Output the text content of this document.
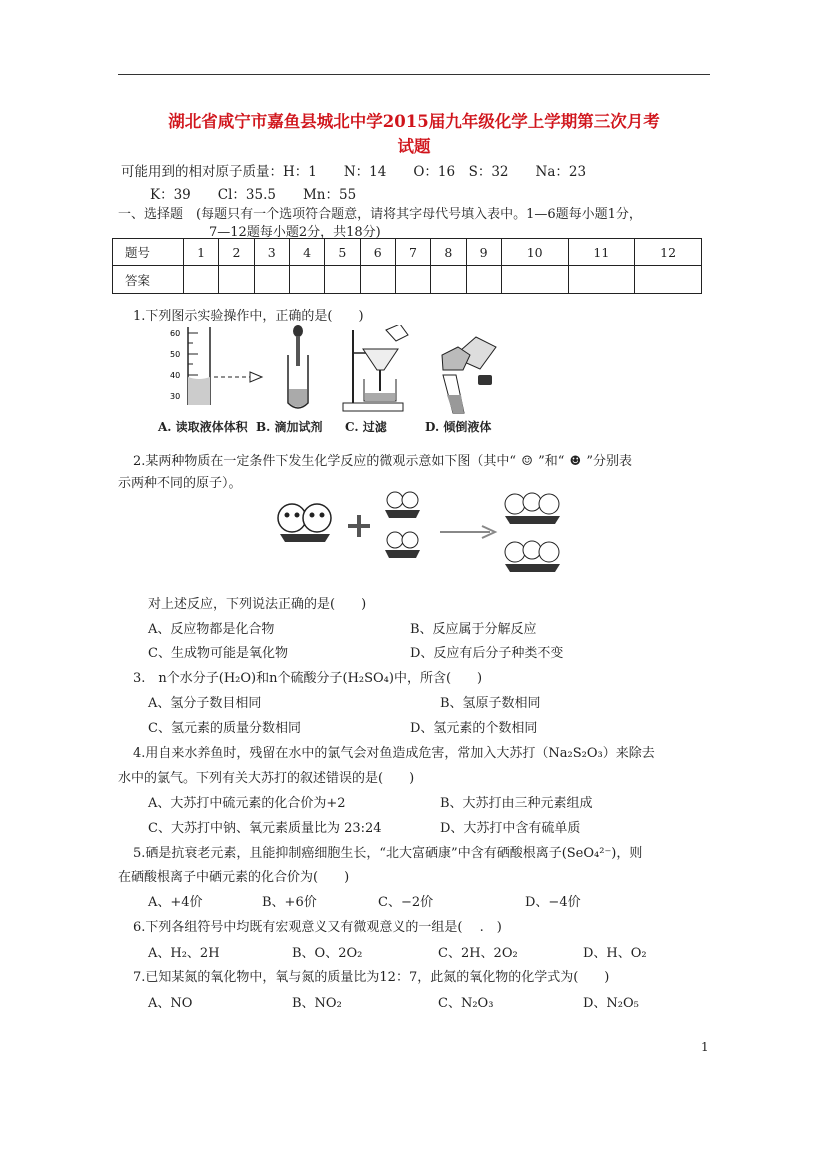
湖北省咸宁市嘉鱼县城北中学2015届九年级化学上学期第三次月考
试题
可能用到的相对原子质量：H：1　　N：14　　O：16　S：32　　Na：23
K：39　　Cl：35.5　　Mn：55
一、选择题　(每题只有一个选项符合题意，请将其字母代号填入表中。1—6题每小题1分，
7—12题每小题2分，共18分)
题号	1	2	3	4	5	6	7	8	9	10	11	12
答案												
1.下列图示实验操作中，正确的是(　　)
60
50
40
30
A. 读取液体体积 B. 滴加试剂 C. 过滤	D. 倾倒液体
2.某两种物质在一定条件下发生化学反应的微观示意如下图（其中“ ☺ ”和“ ☻ ”分别表
示两种不同的原子）。
对上述反应，下列说法正确的是(　　)
A、反应物都是化合物	B、反应属于分解反应
C、生成物可能是氧化物	D、反应有后分子种类不变
3.　n个水分子(H₂O)和n个硫酸分子(H₂SO₄)中，所含(　　)
A、氢分子数目相同	B、氢原子数相同
C、氢元素的质量分数相同	D、氢元素的个数相同
4.用自来水养鱼时，残留在水中的氯气会对鱼造成危害，常加入大苏打（Na₂S₂O₃）来除去
水中的氯气。下列有关大苏打的叙述错误的是(　　)
A、大苏打中硫元素的化合价为+2	B、大苏打由三种元素组成
C、大苏打中钠、氧元素质量比为 23:24	D、大苏打中含有硫单质
5.硒是抗衰老元素，且能抑制癌细胞生长，“北大富硒康”中含有硒酸根离子(SeO₄²⁻)，则
在硒酸根离子中硒元素的化合价为(　　)
A、+4价	B、+6价	C、−2价	D、−4价
6.下列各组符号中均既有宏观意义又有微观意义的一组是(　 .　)
A、H₂、2H	B、O、2O₂	C、2H、2O₂	D、H、O₂
7.已知某氮的氧化物中，氧与氮的质量比为12：7，此氮的氧化物的化学式为(　　)
A、NO	B、NO₂	C、N₂O₃	D、N₂O₅
1
